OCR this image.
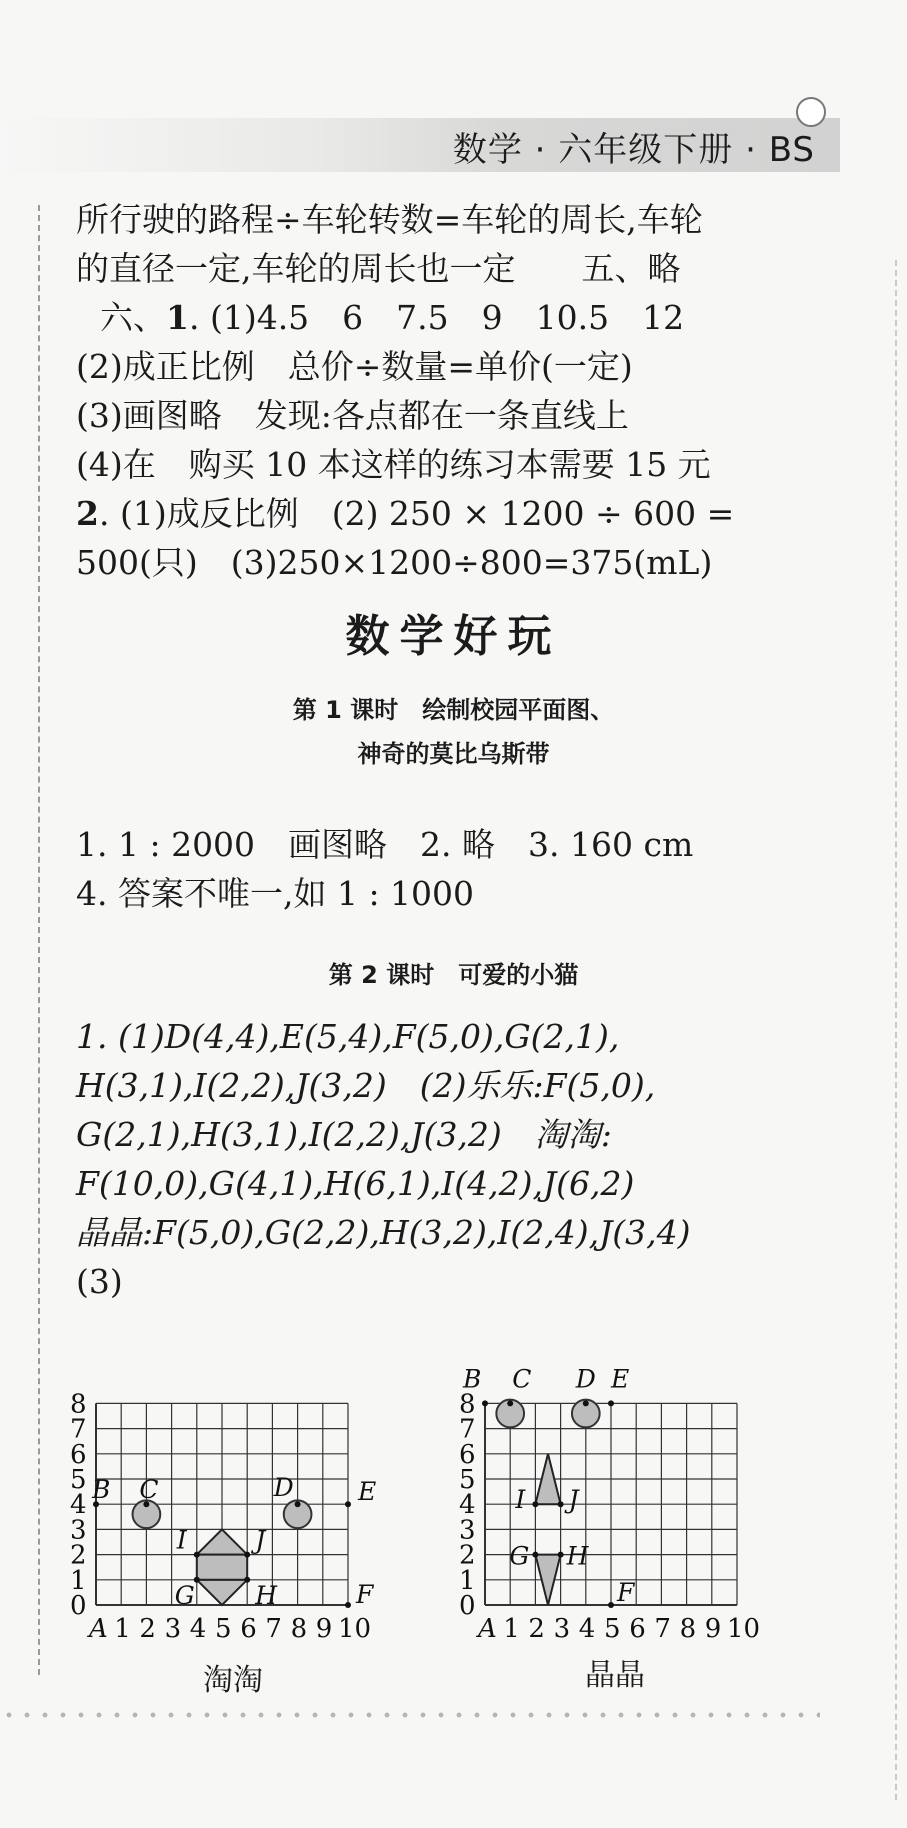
数学 · 六年级下册 · BS
所行驶的路程÷车轮转数=车轮的周长,车轮
的直径一定,车轮的周长也一定　　五、略
六、1. (1)4.5　6　7.5　9　10.5　12
(2)成正比例　总价÷数量=单价(一定)
(3)画图略　发现:各点都在一条直线上
(4)在　购买 10 本这样的练习本需要 15 元
2. (1)成反比例　(2) 250 × 1200 ÷ 600 =
500(只)　(3)250×1200÷800=375(mL)
数学好玩
第 1 课时　绘制校园平面图、
神奇的莫比乌斯带
1. 1 : 2000　画图略　2. 略　3. 160 cm
4. 答案不唯一,如 1 : 1000
第 2 课时　可爱的小猫
1. (1)D(4,4),E(5,4),F(5,0),G(2,1),
H(3,1),I(2,2),J(3,2)　(2)乐乐:F(5,0),
G(2,1),H(3,1),I(2,2),J(3,2)　淘淘:
F(10,0),G(4,1),H(6,1),I(4,2),J(6,2)
晶晶:F(5,0),G(2,2),H(3,2),I(2,4),J(3,4)
(3)
B C	D	E
F
G H
I	J
A 1 2 3 4 5 6 7 8 9 10
0
1
2
3
4
5
6
7
8
B C D E
F
G H
I J
A 1 2 3 4 5 6 7 8 9 10
0
1
2
3
4
5
6
7
8
淘淘	晶晶
